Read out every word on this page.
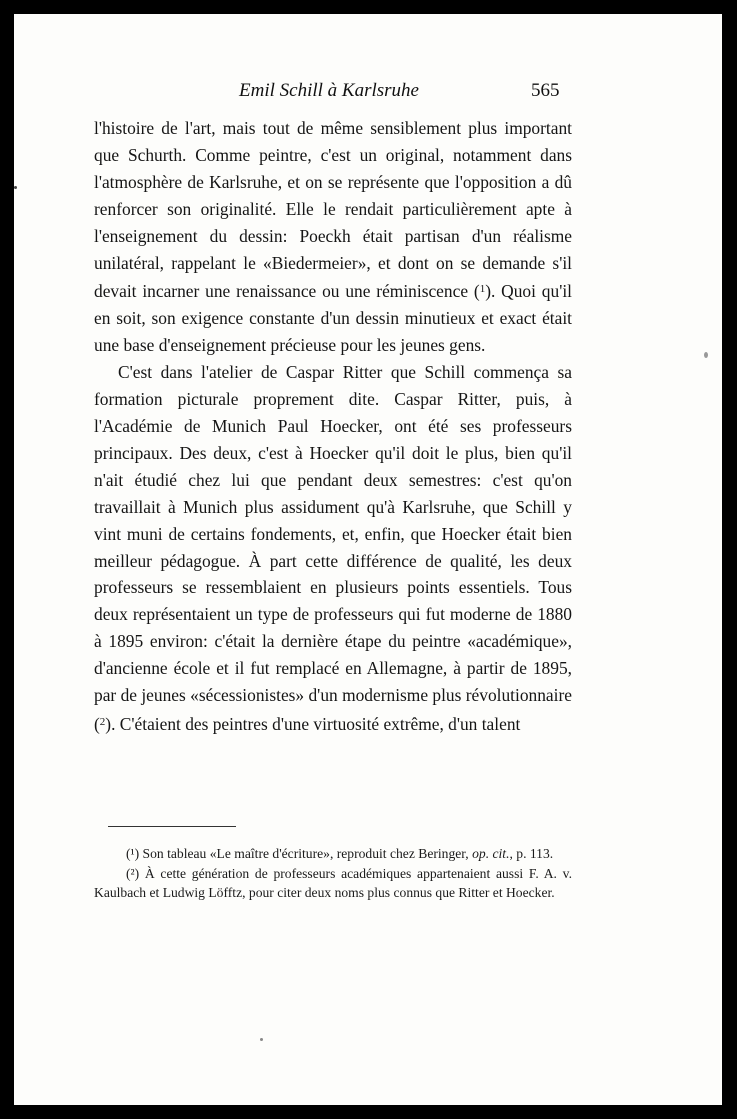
Emil Schill à Karlsruhe	565

l'histoire de l'art, mais tout de même sensiblement plus important que Schurth. Comme peintre, c'est un original, notamment dans l'atmosphère de Karlsruhe, et on se représente que l'opposition a dû renforcer son originalité. Elle le rendait particulièrement apte à l'enseignement du dessin: Poeckh était partisan d'un réalisme unilatéral, rappelant le «Biedermeier», et dont on se demande s'il devait incarner une renaissance ou une réminiscence ($^1$). Quoi qu'il en soit, son exigence constante d'un dessin minutieux et exact était une base d'enseignement précieuse pour les jeunes gens.

C'est dans l'atelier de Caspar Ritter que Schill commença sa formation picturale proprement dite. Caspar Ritter, puis, à l'Académie de Munich Paul Hoecker, ont été ses professeurs principaux. Des deux, c'est à Hoecker qu'il doit le plus, bien qu'il n'ait étudié chez lui que pendant deux semestres: c'est qu'on travaillait à Munich plus assidument qu'à Karlsruhe, que Schill y vint muni de certains fondements, et, enfin, que Hoecker était bien meilleur pédagogue. À part cette différence de qualité, les deux professeurs se ressemblaient en plusieurs points essentiels. Tous deux représentaient un type de professeurs qui fut moderne de 1880 à 1895 environ: c'était la dernière étape du peintre «académique», d'ancienne école et il fut remplacé en Allemagne, à partir de 1895, par de jeunes «sécessionistes» d'un modernisme plus révolutionnaire ($^2$). C'étaient des peintres d'une virtuosité extrême, d'un talent

(¹) Son tableau «Le maître d'écriture», reproduit chez Beringer, op. cit., p. 113.

(²) À cette génération de professeurs académiques appartenaient aussi F. A. v. Kaulbach et Ludwig Löfftz, pour citer deux noms plus connus que Ritter et Hoecker.
